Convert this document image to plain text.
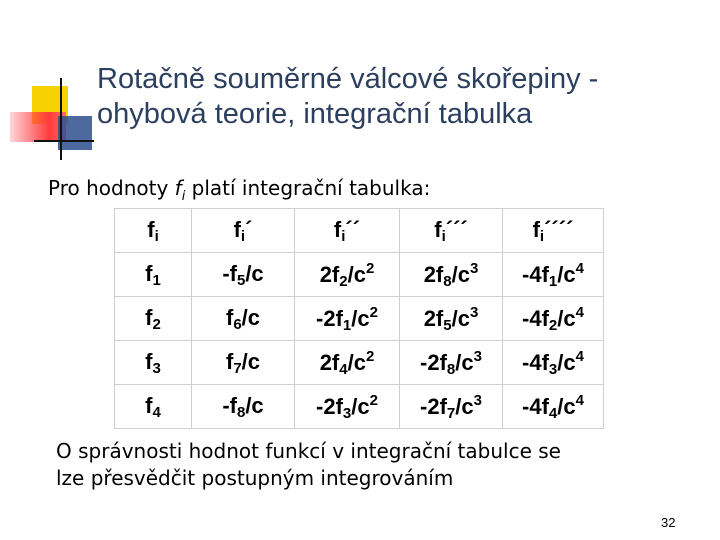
Rotačně souměrné válcové skořepiny -
ohybová teorie, integrační tabulka
Pro hodnoty $f_i$ platí integrační tabulka:
$f_i$	$f_i´$	$f_i´´$	$f_i´´´$	$f_i´´´´$
$f_1$	$-f_5/c$	$2f_2/c^2$	$2f_8/c^3$	$-4f_1/c^4$
$f_2$	$f_6/c$	$-2f_1/c^2$	$2f_5/c^3$	$-4f_2/c^4$
$f_3$	$f_7/c$	$2f_4/c^2$	$-2f_8/c^3$	$-4f_3/c^4$
$f_4$	$-f_8/c$	$-2f_3/c^2$	$-2f_7/c^3$	$-4f_4/c^4$
O správnosti hodnot funkcí v integrační tabulce se
lze přesvědčit postupným integrováním
32
